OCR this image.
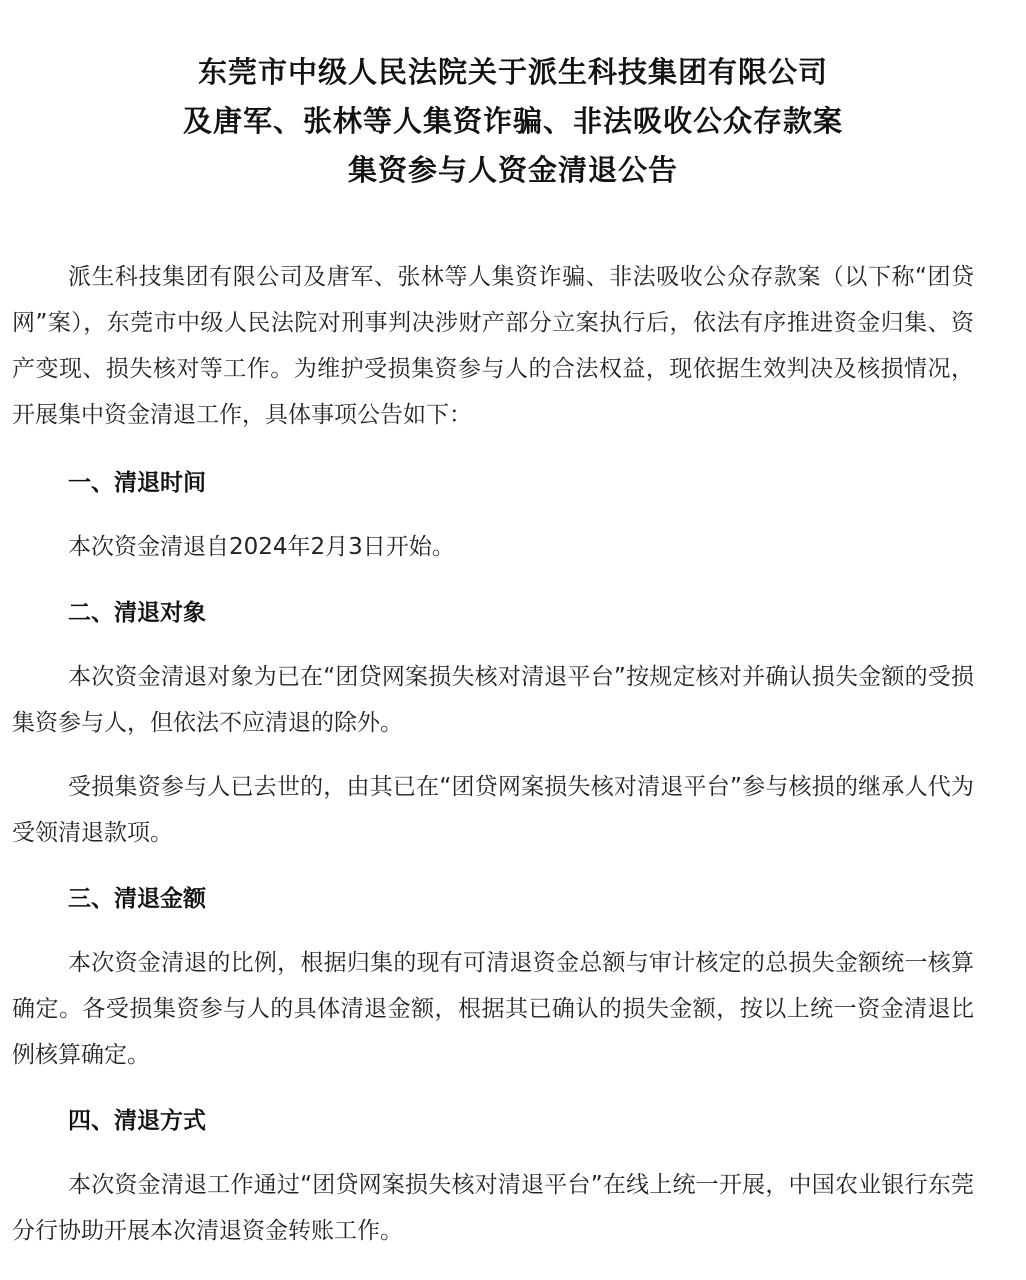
东莞市中级人民法院关于派生科技集团有限公司
及唐军、张林等人集资诈骗、非法吸收公众存款案
集资参与人资金清退公告

派生科技集团有限公司及唐军、张林等人集资诈骗、非法吸收公众存款案（以下称“团贷网”案），东莞市中级人民法院对刑事判决涉财产部分立案执行后，依法有序推进资金归集、资产变现、损失核对等工作。为维护受损集资参与人的合法权益，现依据生效判决及核损情况，开展集中资金清退工作，具体事项公告如下：

一、清退时间

本次资金清退自2024年2月3日开始。

二、清退对象

本次资金清退对象为已在“团贷网案损失核对清退平台”按规定核对并确认损失金额的受损集资参与人，但依法不应清退的除外。

受损集资参与人已去世的，由其已在“团贷网案损失核对清退平台”参与核损的继承人代为受领清退款项。

三、清退金额

本次资金清退的比例，根据归集的现有可清退资金总额与审计核定的总损失金额统一核算确定。各受损集资参与人的具体清退金额，根据其已确认的损失金额，按以上统一资金清退比例核算确定。

四、清退方式

本次资金清退工作通过“团贷网案损失核对清退平台”在线上统一开展，中国农业银行东莞分行协助开展本次清退资金转账工作。
